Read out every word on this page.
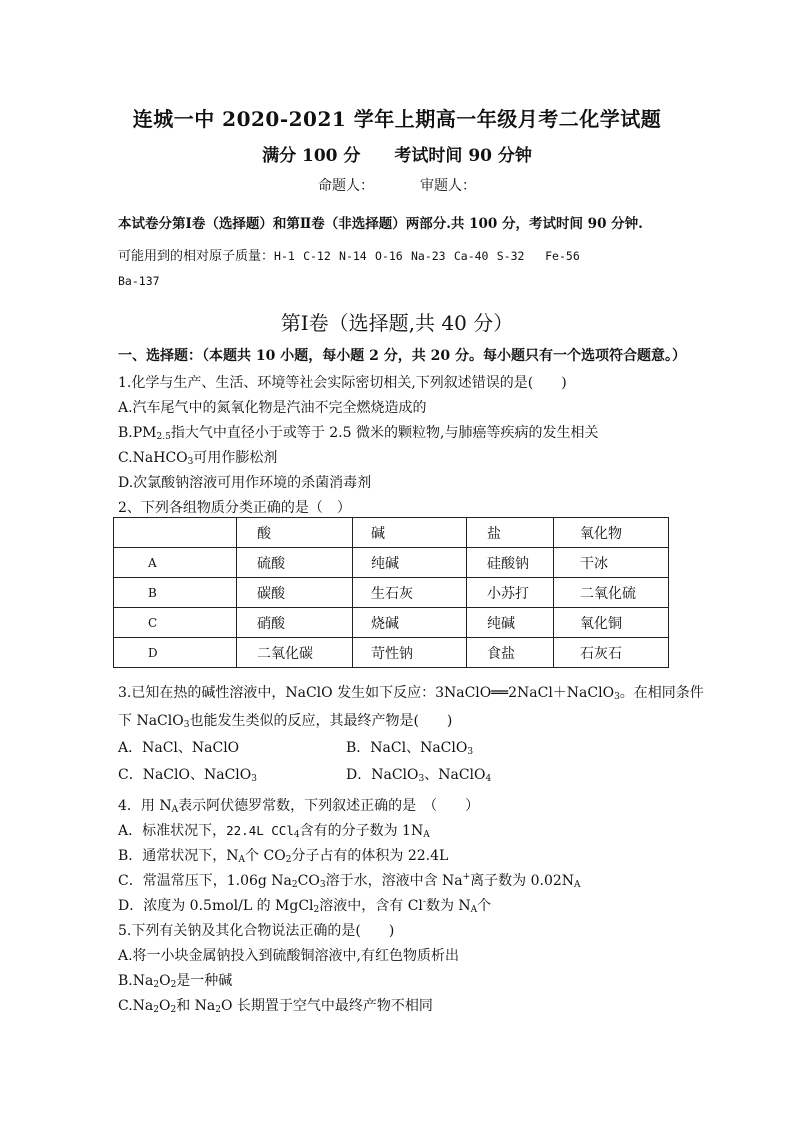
连城一中 2020-2021 学年上期高一年级月考二化学试题
满分 100 分 考试时间 90 分钟
命题人：	审题人：
本试卷分第Ⅰ卷（选择题）和第Ⅱ卷（非选择题）两部分.共 100 分，考试时间 90 分钟.
可能用到的相对原子质量：H-1 C-12 N-14 O-16 Na-23 Ca-40 S-32 Fe-56
Ba-137
第Ⅰ卷（选择题,共 40 分）
一、选择题：（本题共 10 小题，每小题 2 分，共 20 分。每小题只有一个选项符合题意。）
1.化学与生产、生活、环境等社会实际密切相关,下列叙述错误的是(　　)
A.汽车尾气中的氮氧化物是汽油不完全燃烧造成的
$B.PM_{2.5}$指大气中直径小于或等于 2.5 微米的颗粒物,与肺癌等疾病的发生相关
C.NaHCO$_3$可用作膨松剂
D.次氯酸钠溶液可用作环境的杀菌消毒剂
2、下列各组物质分类正确的是（　）
	酸	碱	盐	氧化物
A	硫酸	纯碱	硅酸钠	干冰
B	碳酸	生石灰	小苏打	二氧化硫
C	硝酸	烧碱	纯碱	氧化铜
D	二氧化碳	苛性钠	食盐	石灰石
3.已知在热的碱性溶液中，NaClO 发生如下反应：3NaClO══2NaCl＋NaClO$_3$。在相同条件
下 NaClO$_3$也能发生类似的反应，其最终产物是(　　)
A．NaCl、NaClO	B．NaCl、NaClO$_3$
C．NaClO、NaClO$_3$	D．NaClO$_3$、NaClO$_4$
4．用 $N_A$表示阿伏德罗常数，下列叙述正确的是　（　　）
A．标准状况下，22.4L CCl$_4$含有的分子数为 $1N_A$
B．通常状况下，$N_A$个 $CO_2$分子占有的体积为 22.4L
C．常温常压下，1.06g $Na_2CO_3$溶于水，溶液中含 Na+离子数为 $0.02N_A$
D．浓度为 0.5mol/L 的 MgCl$_2$溶液中，含有 Cl-数为 $N_A$个
5.下列有关钠及其化合物说法正确的是(　　)
A.将一小块金属钠投入到硫酸铜溶液中,有红色物质析出
$B.Na_2O_2$是一种碱
$C.Na_2O_2$和 $Na_2O$ 长期置于空气中最终产物不相同
